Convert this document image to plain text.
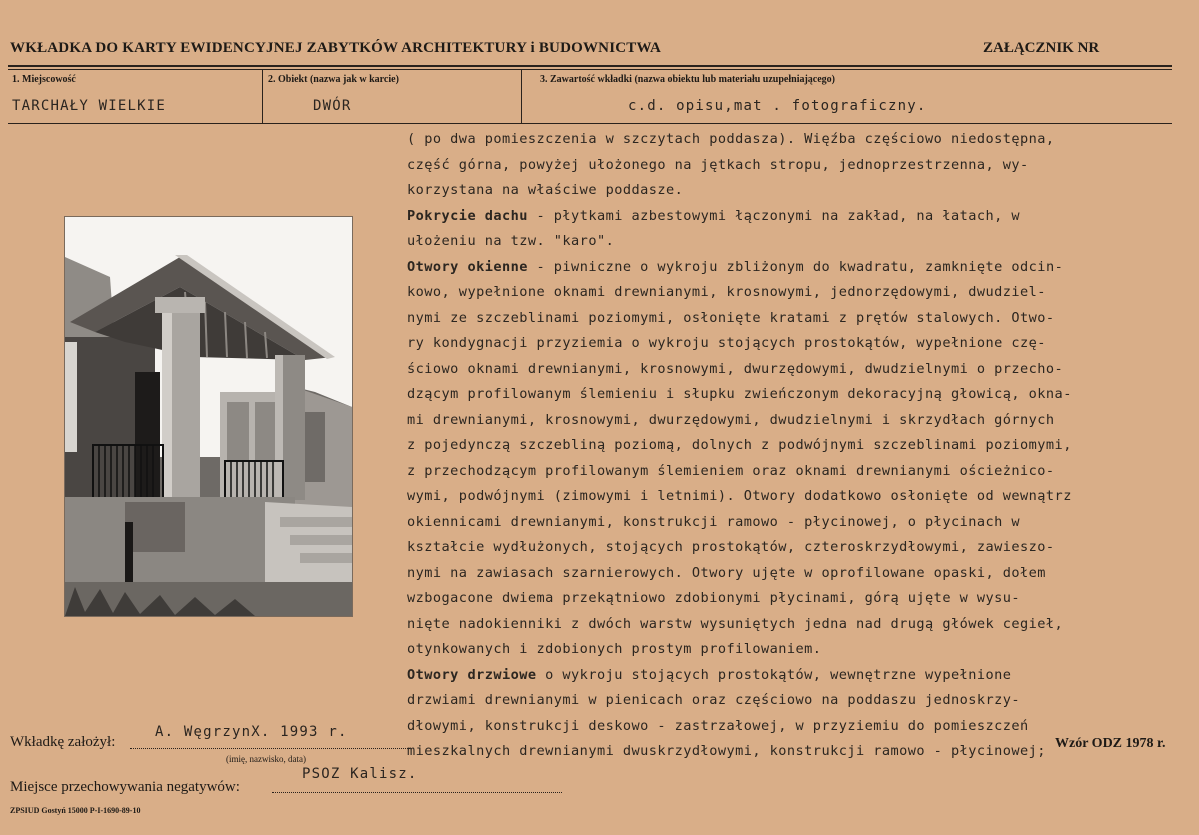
WKŁADKA DO KARTY EWIDENCYJNEJ ZABYTKÓW ARCHITEKTURY i BUDOWNICTWA	ZAŁĄCZNIK NR
1. Miejscowość
TARCHAŁY WIELKIE
2. Obiekt (nazwa jak w karcie)
DWÓR
3. Zawartość wkładki (nazwa obiektu lub materiału uzupełniającego)
c.d. opisu,mat . fotograficzny.
( po dwa pomieszczenia w szczytach poddasza). Więźba częściowo niedostępna,
część górna, powyżej ułożonego na jętkach stropu, jednoprzestrzenna, wy-
korzystana na właściwe poddasze.
Pokrycie dachu - płytkami azbestowymi łączonymi na zakład, na łatach, w
ułożeniu na tzw. "karo".
Otwory okienne - piwniczne o wykroju zbliżonym do kwadratu, zamknięte odcin-
kowo, wypełnione oknami drewnianymi, krosnowymi, jednorzędowymi, dwudziel-
nymi ze szczeblinami poziomymi, osłonięte kratami z prętów stalowych. Otwo-
ry kondygnacji przyziemia o wykroju stojących prostokątów, wypełnione czę-
ściowo oknami drewnianymi, krosnowymi, dwurzędowymi, dwudzielnymi o przecho-
dzącym profilowanym ślemieniu i słupku zwieńczonym dekoracyjną głowicą, okna-
mi drewnianymi, krosnowymi, dwurzędowymi, dwudzielnymi i skrzydłach górnych
z pojedynczą szczebliną poziomą, dolnych z podwójnymi szczeblinami poziomymi,
z przechodzącym profilowanym ślemieniem oraz oknami drewnianymi ościeżnico-
wymi, podwójnymi (zimowymi i letnimi). Otwory dodatkowo osłonięte od wewnątrz
okiennicami drewnianymi, konstrukcji ramowo - płycinowej, o płycinach w
kształcie wydłużonych, stojących prostokątów, czteroskrzydłowymi, zawieszo-
nymi na zawiasach szarnierowych. Otwory ujęte w oprofilowane opaski, dołem
wzbogacone dwiema przekątniowo zdobionymi płycinami, górą ujęte w wysu-
nięte nadokienniki z dwóch warstw wysuniętych jedna nad drugą główek cegieł,
otynkowanych i zdobionych prostym profilowaniem.
Otwory drzwiowe o wykroju stojących prostokątów, wewnętrzne wypełnione
drzwiami drewnianymi w pienicach oraz częściowo na poddaszu jednoskrzy-
dłowymi, konstrukcji deskowo - zastrzałowej, w przyziemiu do pomieszczeń
mieszkalnych drewnianymi dwuskrzydłowymi, konstrukcji ramowo - płycinowej;
Wkładkę założył:
A. WęgrzynX. 1993 r.
(imię, nazwisko, data)
Wzór ODZ 1978 r.
Miejsce przechowywania negatywów:
PSOZ Kalisz.
ZPSIUD Gostyń 15000 P-I-1690-89-10
